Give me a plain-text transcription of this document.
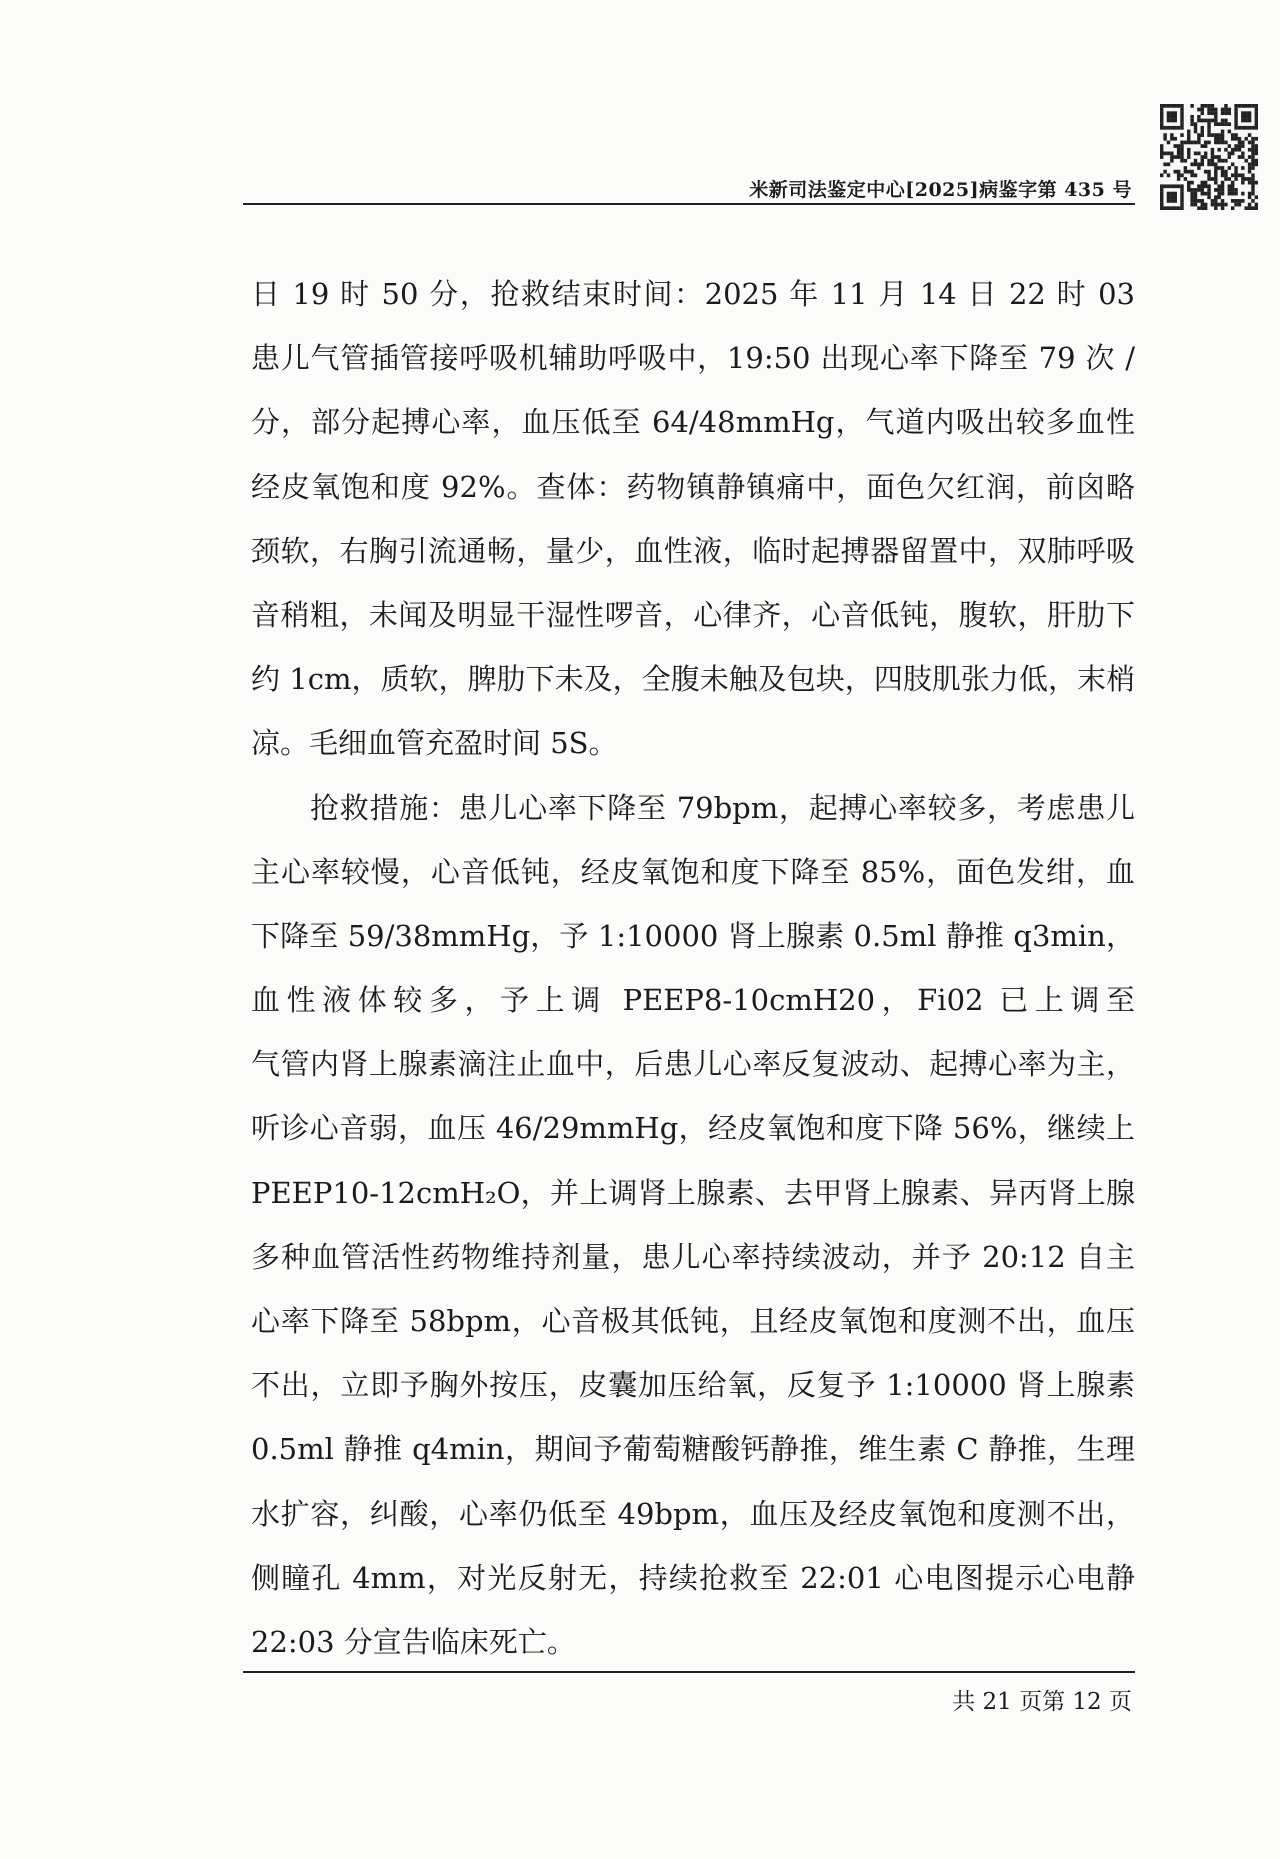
米新司法鉴定中心[2025]病鉴字第 435 号
日 19 时 50 分，抢救结束时间：2025 年 11 月 14 日 22 时 03
患儿气管插管接呼吸机辅助呼吸中，19:50 出现心率下降至 79 次 /
分，部分起搏心率，血压低至 64/48mmHg，气道内吸出较多血性
经皮氧饱和度 92%。查体：药物镇静镇痛中，面色欠红润，前囟略
颈软，右胸引流通畅，量少，血性液，临时起搏器留置中，双肺呼吸
音稍粗，未闻及明显干湿性啰音，心律齐，心音低钝，腹软，肝肋下
约 1cm，质软，脾肋下未及，全腹未触及包块，四肢肌张力低，末梢
凉。毛细血管充盈时间 5S。
抢救措施：患儿心率下降至 79bpm，起搏心率较多，考虑患儿
主心率较慢，心音低钝，经皮氧饱和度下降至 85%，面色发绀，血
下降至 59/38mmHg，予 1:10000 肾上腺素 0.5ml 静推 q3min，
血性液体较多，予上调 PEEP8-10cmH20，Fi02 已上调至
气管内肾上腺素滴注止血中，后患儿心率反复波动、起搏心率为主，
听诊心音弱，血压 46/29mmHg，经皮氧饱和度下降 56%，继续上
PEEP10-12cmH₂O，并上调肾上腺素、去甲肾上腺素、异丙肾上腺
多种血管活性药物维持剂量，患儿心率持续波动，并予 20:12 自主
心率下降至 58bpm，心音极其低钝，且经皮氧饱和度测不出，血压
不出，立即予胸外按压，皮囊加压给氧，反复予 1:10000 肾上腺素
0.5ml 静推 q4min，期间予葡萄糖酸钙静推，维生素 C 静推，生理
水扩容，纠酸，心率仍低至 49bpm，血压及经皮氧饱和度测不出，
侧瞳孔 4mm，对光反射无，持续抢救至 22:01 心电图提示心电静
22:03 分宣告临床死亡。
共 21 页第 12 页
